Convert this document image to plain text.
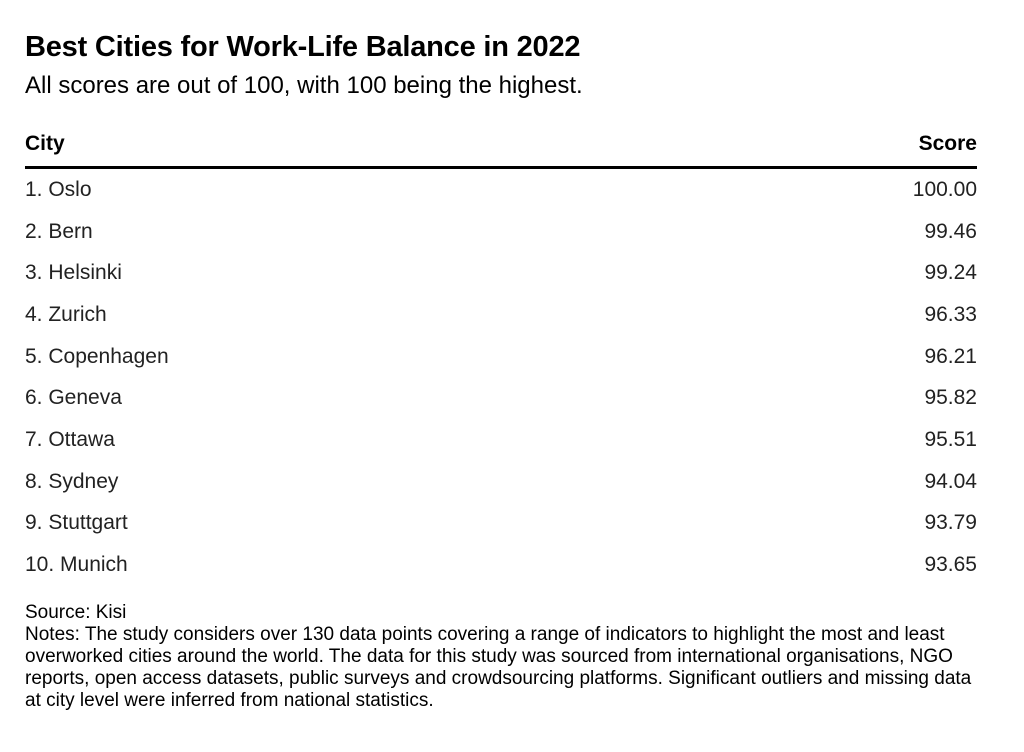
Best Cities for Work-Life Balance in 2022
All scores are out of 100, with 100 being the highest.
City	Score
1. Oslo	100.00
2. Bern	99.46
3. Helsinki	99.24
4. Zurich	96.33
5. Copenhagen	96.21
6. Geneva	95.82
7. Ottawa	95.51
8. Sydney	94.04
9. Stuttgart	93.79
10. Munich	93.65
Source: Kisi

Notes: The study considers over 130 data points covering a range of indicators to highlight the most and least overworked cities around the world. The data for this study was sourced from international organisations, NGO reports, open access datasets, public surveys and crowdsourcing platforms. Significant outliers and missing data at city level were inferred from national statistics.
